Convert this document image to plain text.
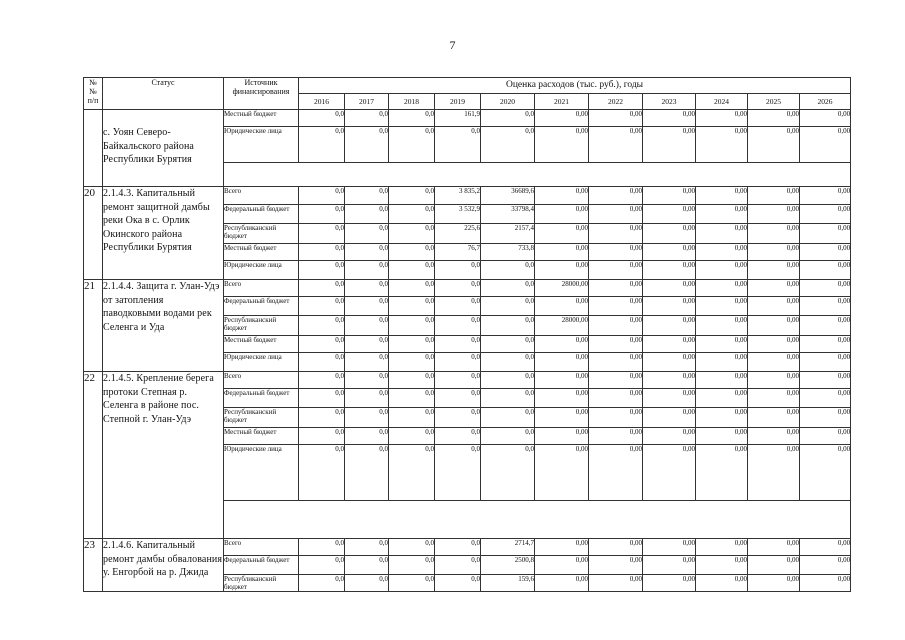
7
№
№
п/п	Статус	Источник финансирования	Оценка расходов (тыс. руб.), годы										
			2016	2017	2018	2019	2020	2021	2022	2023	2024	2025	2026
	с. Уоян Северо-Байкальского района Республики Бурятия	Местный бюджет	0,0	0,0	0,0	161,9	0,0	0,00	0,00	0,00	0,00	0,00	0,00
		Юридические лица	0,0	0,0	0,0	0,0	0,0	0,00	0,00	0,00	0,00	0,00	0,00

20	2.1.4.3. Капитальный ремонт защитной дамбы реки Ока в с. Орлик Окинского района Республики Бурятия	Всего	0,0	0,0	0,0	3 835,2	36689,6	0,00	0,00	0,00	0,00	0,00	0,00
		Федеральный бюджет	0,0	0,0	0,0	3 532,9	33798,4	0,00	0,00	0,00	0,00	0,00	0,00
		Республиканский бюджет	0,0	0,0	0,0	225,6	2157,4	0,00	0,00	0,00	0,00	0,00	0,00
		Местный бюджет	0,0	0,0	0,0	76,7	733,8	0,00	0,00	0,00	0,00	0,00	0,00
		Юридические лица	0,0	0,0	0,0	0,0	0,0	0,00	0,00	0,00	0,00	0,00	0,00
21	2.1.4.4. Защита г. Улан-Удэ от затопления паводковыми водами рек Селенга и Уда	Всего	0,0	0,0	0,0	0,0	0,0	28000,00	0,00	0,00	0,00	0,00	0,00
		Федеральный бюджет	0,0	0,0	0,0	0,0	0,0	0,00	0,00	0,00	0,00	0,00	0,00
		Республиканский бюджет	0,0	0,0	0,0	0,0	0,0	28000,00	0,00	0,00	0,00	0,00	0,00
		Местный бюджет	0,0	0,0	0,0	0,0	0,0	0,00	0,00	0,00	0,00	0,00	0,00
		Юридические лица	0,0	0,0	0,0	0,0	0,0	0,00	0,00	0,00	0,00	0,00	0,00
22	2.1.4.5. Крепление берега протоки Степная р. Селенга в районе пос. Степной г. Улан-Удэ	Всего	0,0	0,0	0,0	0,0	0,0	0,00	0,00	0,00	0,00	0,00	0,00
		Федеральный бюджет	0,0	0,0	0,0	0,0	0,0	0,00	0,00	0,00	0,00	0,00	0,00
		Республиканский бюджет	0,0	0,0	0,0	0,0	0,0	0,00	0,00	0,00	0,00	0,00	0,00
		Местный бюджет	0,0	0,0	0,0	0,0	0,0	0,00	0,00	0,00	0,00	0,00	0,00
		Юридические лица	0,0	0,0	0,0	0,0	0,0	0,00	0,00	0,00	0,00	0,00	0,00

23	2.1.4.6. Капитальный ремонт дамбы обвалования у. Енгорбой на р. Джида	Всего	0,0	0,0	0,0	0,0	2714,7	0,00	0,00	0,00	0,00	0,00	0,00
		Федеральный бюджет	0,0	0,0	0,0	0,0	2500,8	0,00	0,00	0,00	0,00	0,00	0,00
		Республиканский бюджет	0,0	0,0	0,0	0,0	159,6	0,00	0,00	0,00	0,00	0,00	0,00
